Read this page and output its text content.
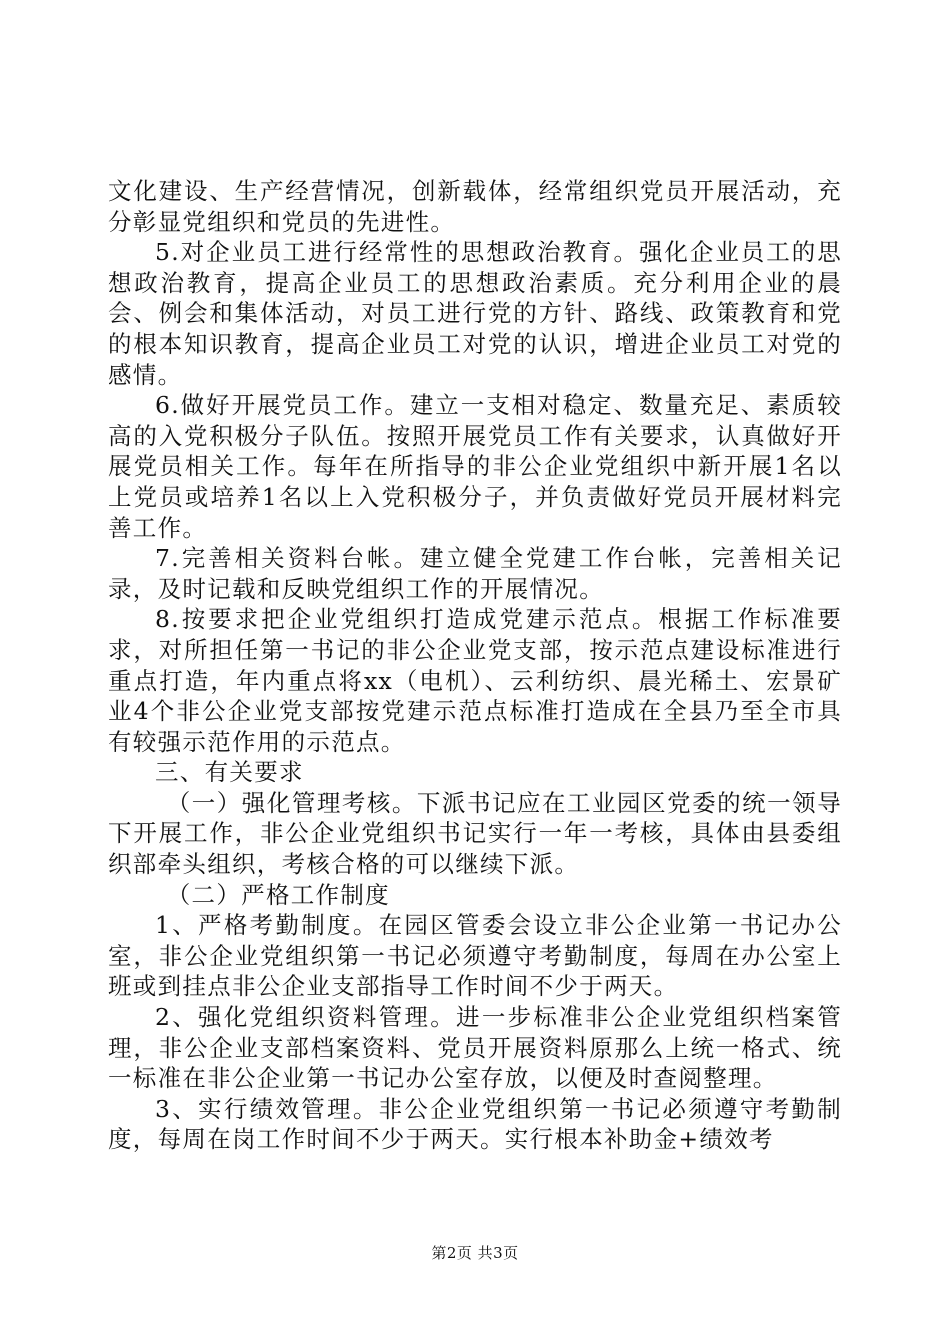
文化建设、生产经营情况，创新载体，经常组织党员开展活动，充分彰显党组织和党员的先进性。

5.对企业员工进行经常性的思想政治教育。强化企业员工的思想政治教育，提高企业员工的思想政治素质。充分利用企业的晨会、例会和集体活动，对员工进行党的方针、路线、政策教育和党的根本知识教育，提高企业员工对党的认识，增进企业员工对党的感情。

6.做好开展党员工作。建立一支相对稳定、数量充足、素质较高的入党积极分子队伍。按照开展党员工作有关要求，认真做好开展党员相关工作。每年在所指导的非公企业党组织中新开展1名以上党员或培养1名以上入党积极分子，并负责做好党员开展材料完善工作。

7.完善相关资料台帐。建立健全党建工作台帐，完善相关记录，及时记载和反映党组织工作的开展情况。

8.按要求把企业党组织打造成党建示范点。根据工作标准要求，对所担任第一书记的非公企业党支部，按示范点建设标准进行重点打造，年内重点将xx（电机）、云利纺织、晨光稀土、宏景矿业4个非公企业党支部按党建示范点标准打造成在全县乃至全市具有较强示范作用的示范点。

三、有关要求

（一）强化管理考核。下派书记应在工业园区党委的统一领导下开展工作，非公企业党组织书记实行一年一考核，具体由县委组织部牵头组织，考核合格的可以继续下派。

（二）严格工作制度

1、严格考勤制度。在园区管委会设立非公企业第一书记办公室，非公企业党组织第一书记必须遵守考勤制度，每周在办公室上班或到挂点非公企业支部指导工作时间不少于两天。

2、强化党组织资料管理。进一步标准非公企业党组织档案管理，非公企业支部档案资料、党员开展资料原那么上统一格式、统一标准在非公企业第一书记办公室存放，以便及时查阅整理。

3、实行绩效管理。非公企业党组织第一书记必须遵守考勤制度，每周在岗工作时间不少于两天。实行根本补助金+绩效考

第2页 共3页
